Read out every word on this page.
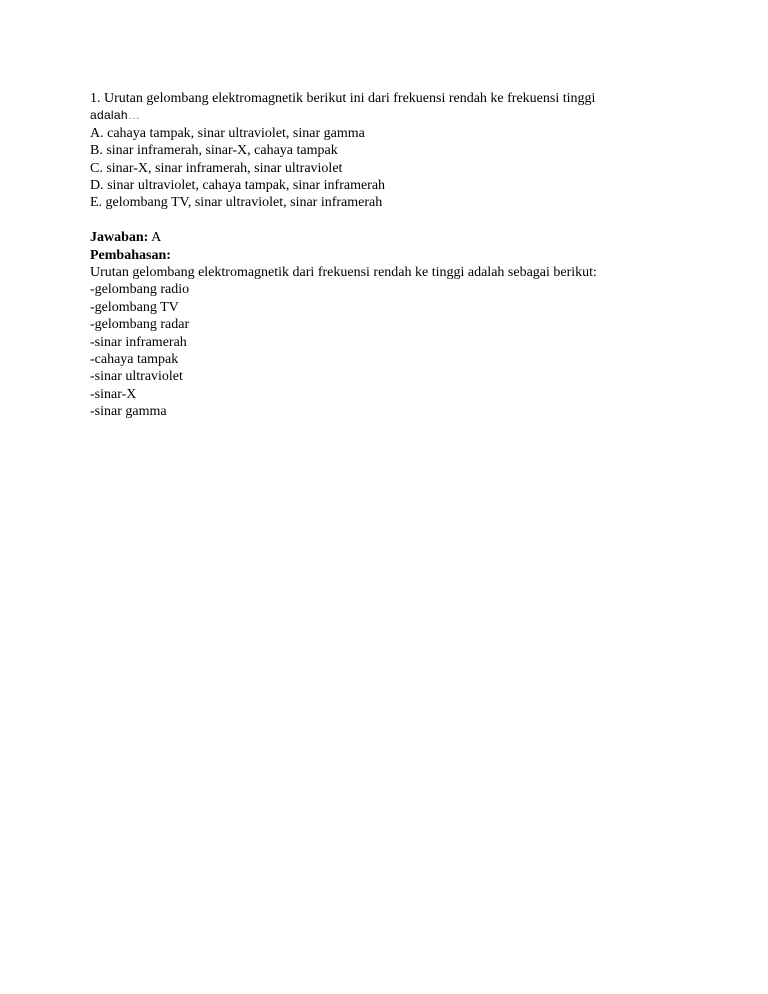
1. Urutan gelombang elektromagnetik berikut ini dari frekuensi rendah ke frekuensi tinggi
adalah…
A. cahaya tampak, sinar ultraviolet, sinar gamma
B. sinar inframerah, sinar-X, cahaya tampak
C. sinar-X, sinar inframerah, sinar ultraviolet
D. sinar ultraviolet, cahaya tampak, sinar inframerah
E. gelombang TV, sinar ultraviolet, sinar inframerah
Jawaban: A
Pembahasan:
Urutan gelombang elektromagnetik dari frekuensi rendah ke tinggi adalah sebagai berikut:
-gelombang radio
-gelombang TV
-gelombang radar
-sinar inframerah
-cahaya tampak
-sinar ultraviolet
-sinar-X
-sinar gamma
